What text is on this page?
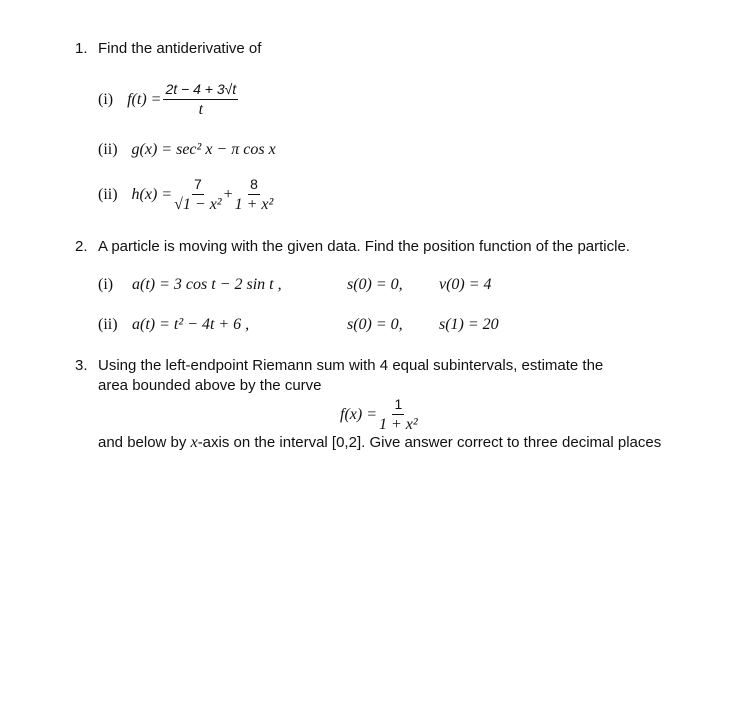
1. Find the antiderivative of
(i) $f(t) = \frac{2t - 4 + 3√t}{t}$
(ii) g(x) = sec² x − π cos x
(ii) $h(x) = \frac{7}{\text{√1 − x²}} + \frac{8}{\text{1 + x²}}$
2. A particle is moving with the given data. Find the position function of the particle.
(i) a(t) = 3 cos t − 2 sin t ,	s(0) = 0, v(0) = 4
(ii) a(t) = t² − 4t + 6 ,	s(0) = 0, s(1) = 20
3. Using the left-endpoint Riemann sum with 4 equal subintervals, estimate the
area bounded above by the curve
$f(x) = \frac{1}{\text{1 + x²}}$
and below by x-axis on the interval [0,2]. Give answer correct to three decimal places
